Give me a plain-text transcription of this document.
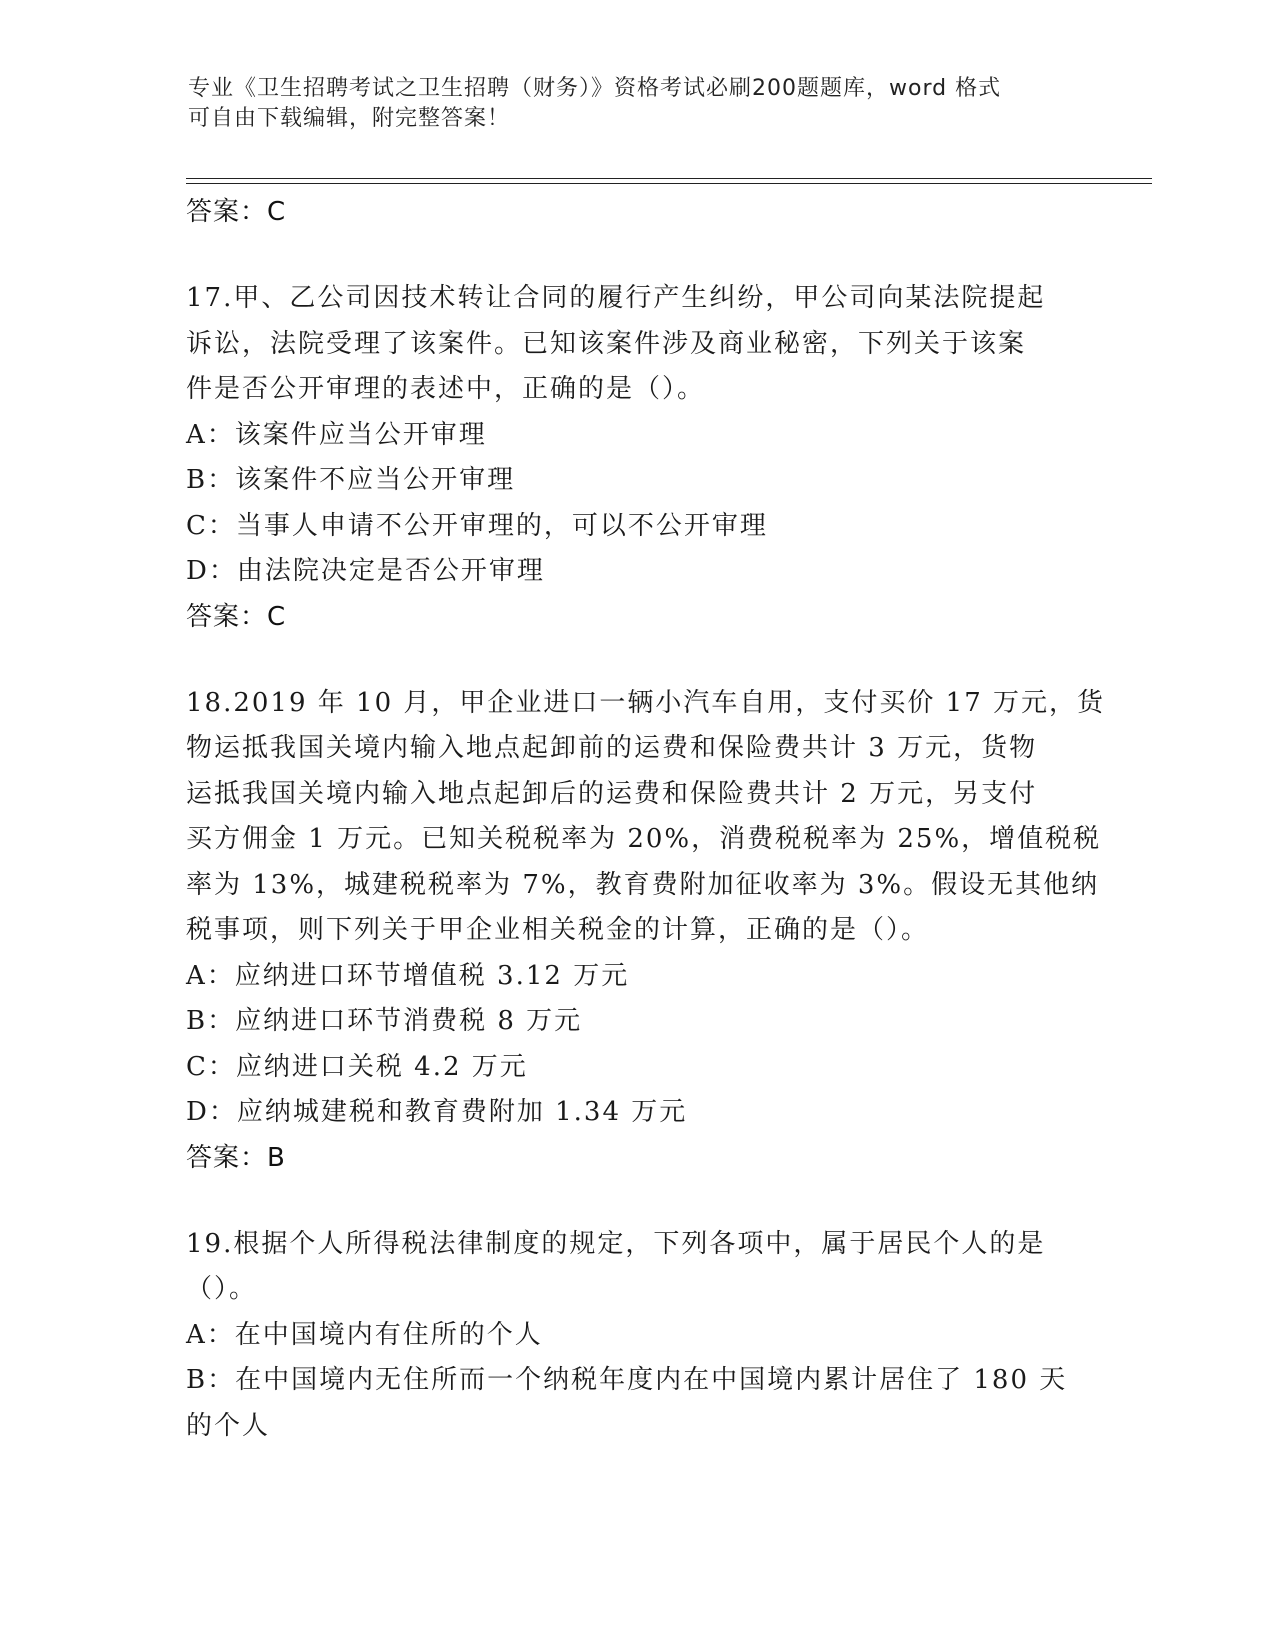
专业《卫生招聘考试之卫生招聘（财务）》资格考试必刷200题题库，word 格式
可自由下载编辑，附完整答案！
答案：C
17.甲、乙公司因技术转让合同的履行产生纠纷，甲公司向某法院提起
诉讼，法院受理了该案件。已知该案件涉及商业秘密，下列关于该案
件是否公开审理的表述中，正确的是（）。
A：该案件应当公开审理
B：该案件不应当公开审理
C：当事人申请不公开审理的，可以不公开审理
D：由法院决定是否公开审理
答案：C
18.2019 年 10 月，甲企业进口一辆小汽车自用，支付买价 17 万元，货
物运抵我国关境内输入地点起卸前的运费和保险费共计 3 万元，货物
运抵我国关境内输入地点起卸后的运费和保险费共计 2 万元，另支付
买方佣金 1 万元。已知关税税率为 20%，消费税税率为 25%，增值税税
率为 13%，城建税税率为 7%，教育费附加征收率为 3%。假设无其他纳
税事项，则下列关于甲企业相关税金的计算，正确的是（）。
A：应纳进口环节增值税 3.12 万元
B：应纳进口环节消费税 8 万元
C：应纳进口关税 4.2 万元
D：应纳城建税和教育费附加 1.34 万元
答案：B
19.根据个人所得税法律制度的规定，下列各项中，属于居民个人的是
（）。
A：在中国境内有住所的个人
B：在中国境内无住所而一个纳税年度内在中国境内累计居住了 180 天
的个人
